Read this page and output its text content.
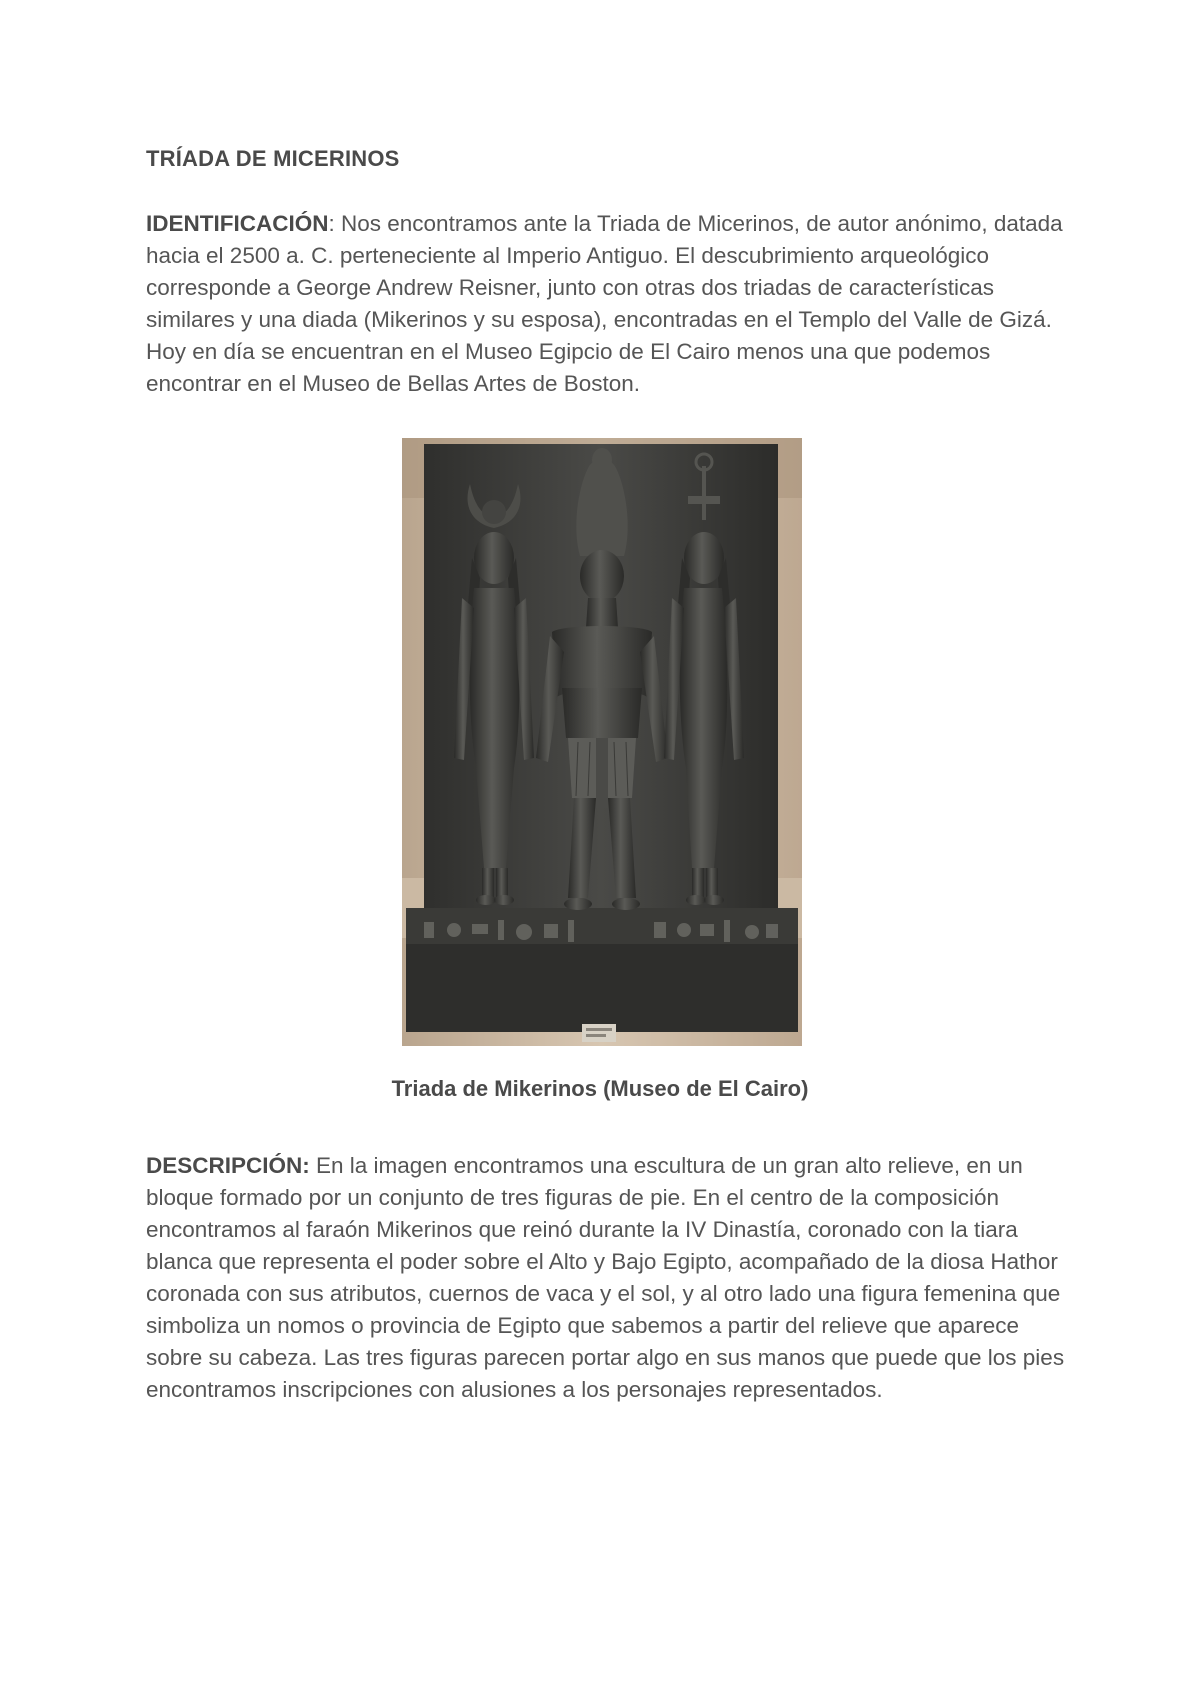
TRÍADA DE MICERINOS

IDENTIFICACIÓN: Nos encontramos ante la Triada de Micerinos, de autor anónimo, datada hacia el 2500 a. C. perteneciente al Imperio Antiguo. El descubrimiento arqueológico corresponde a George Andrew Reisner, junto con otras dos triadas de características similares y una diada (Mikerinos y su esposa), encontradas en el Templo del Valle de Gizá. Hoy en día se encuentran en el Museo Egipcio de El Cairo menos una que podemos encontrar en el Museo de Bellas Artes de Boston.

Triada de Mikerinos (Museo de El Cairo)

DESCRIPCIÓN: En la imagen encontramos una escultura de un gran alto relieve, en un bloque formado por un conjunto de tres figuras de pie. En el centro de la composición encontramos al faraón Mikerinos que reinó durante la IV Dinastía, coronado con la tiara blanca que representa el poder sobre el Alto y Bajo Egipto, acompañado de la diosa Hathor coronada con sus atributos, cuernos de vaca y el sol, y al otro lado una figura femenina que simboliza un nomos o provincia de Egipto que sabemos a partir del relieve que aparece sobre su cabeza. Las tres figuras parecen portar algo en sus manos que puede que los pies encontramos inscripciones con alusiones a los personajes representados.
